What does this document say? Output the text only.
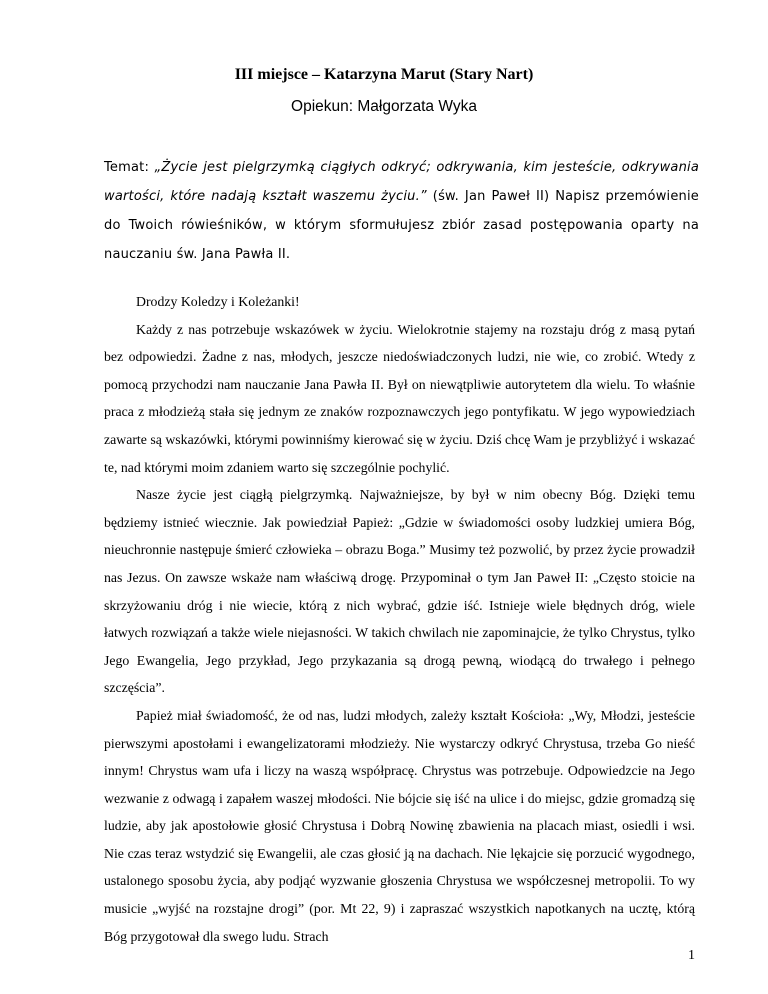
III miejsce – Katarzyna Marut (Stary Nart)
Opiekun: Małgorzata Wyka
Temat: „Życie jest pielgrzymką ciągłych odkryć; odkrywania, kim jesteście, odkrywania wartości, które nadają kształt waszemu życiu.” (św. Jan Paweł II) Napisz przemówienie do Twoich rówieśników, w którym sformułujesz zbiór zasad postępowania oparty na nauczaniu św. Jana Pawła II.

Drodzy Koledzy i Koleżanki!

Każdy z nas potrzebuje wskazówek w życiu. Wielokrotnie stajemy na rozstaju dróg z masą pytań bez odpowiedzi. Żadne z nas, młodych, jeszcze niedoświadczonych ludzi, nie wie, co zrobić. Wtedy z pomocą przychodzi nam nauczanie Jana Pawła II. Był on niewątpliwie autorytetem dla wielu. To właśnie praca z młodzieżą stała się jednym ze znaków rozpoznawczych jego pontyfikatu. W jego wypowiedziach zawarte są wskazówki, którymi powinniśmy kierować się w życiu. Dziś chcę Wam je przybliżyć i wskazać te, nad którymi moim zdaniem warto się szczególnie pochylić.

Nasze życie jest ciągłą pielgrzymką. Najważniejsze, by był w nim obecny Bóg. Dzięki temu będziemy istnieć wiecznie. Jak powiedział Papież: „Gdzie w świadomości osoby ludzkiej umiera Bóg, nieuchronnie następuje śmierć człowieka – obrazu Boga.” Musimy też pozwolić, by przez życie prowadził nas Jezus. On zawsze wskaże nam właściwą drogę. Przypominał o tym Jan Paweł II: „Często stoicie na skrzyżowaniu dróg i nie wiecie, którą z nich wybrać, gdzie iść. Istnieje wiele błędnych dróg, wiele łatwych rozwiązań a także wiele niejasności. W takich chwilach nie zapominajcie, że tylko Chrystus, tylko Jego Ewangelia, Jego przykład, Jego przykazania są drogą pewną, wiodącą do trwałego i pełnego szczęścia”.

Papież miał świadomość, że od nas, ludzi młodych, zależy kształt Kościoła: „Wy, Młodzi, jesteście pierwszymi apostołami i ewangelizatorami młodzieży. Nie wystarczy odkryć Chrystusa, trzeba Go nieść innym! Chrystus wam ufa i liczy na waszą współpracę. Chrystus was potrzebuje. Odpowiedzcie na Jego wezwanie z odwagą i zapałem waszej młodości. Nie bójcie się iść na ulice i do miejsc, gdzie gromadzą się ludzie, aby jak apostołowie głosić Chrystusa i Dobrą Nowinę zbawienia na placach miast, osiedli i wsi. Nie czas teraz wstydzić się Ewangelii, ale czas głosić ją na dachach. Nie lękajcie się porzucić wygodnego, ustalonego sposobu życia, aby podjąć wyzwanie głoszenia Chrystusa we współczesnej metropolii. To wy musicie „wyjść na rozstajne drogi” (por. Mt 22, 9) i zapraszać wszystkich napotkanych na ucztę, którą Bóg przygotował dla swego ludu. Strach

1
